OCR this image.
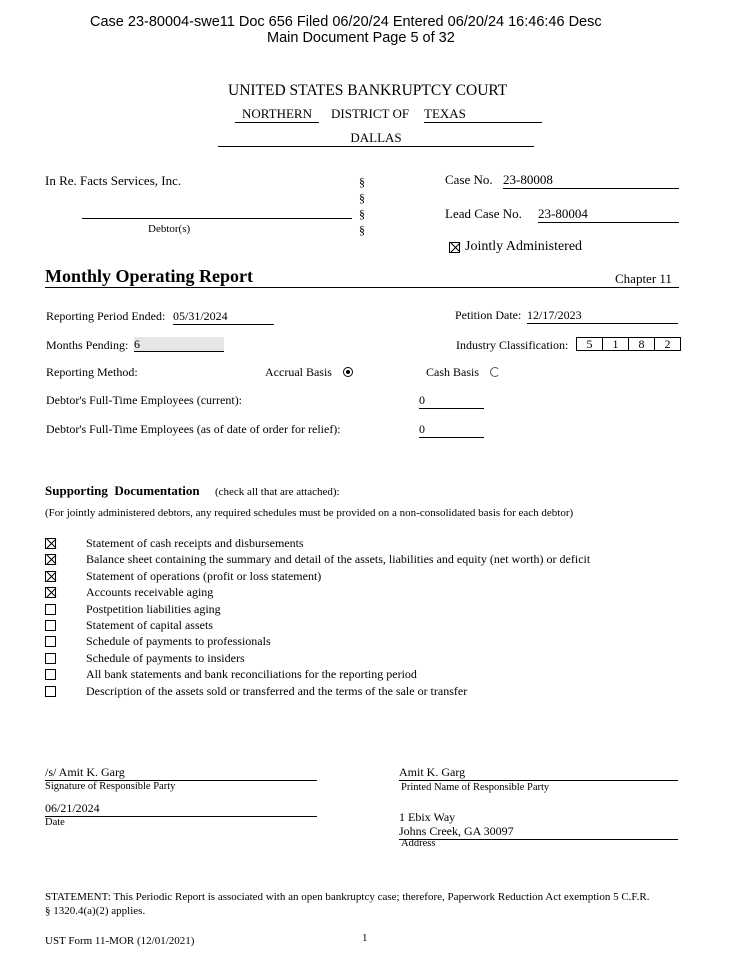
Case 23-80004-swe11 Doc 656 Filed 06/20/24 Entered 06/20/24 16:46:46 Desc
Main Document Page 5 of 32
UNITED STATES BANKRUPTCY COURT
NORTHERN	DISTRICT OF TEXAS
DALLAS
In Re. Facts Services, Inc.	§
§
§
§
Debtor(s)
Case No. 23-80008
Lead Case No. 23-80004
Jointly Administered
Monthly Operating Report	Chapter 11
Reporting Period Ended: 05/31/2024	Petition Date: 12/17/2023
Months Pending: 6	Industry Classification:	5	1	8	2
Reporting Method:	Accrual Basis	Cash Basis
Debtor's Full-Time Employees (current):	0
Debtor's Full-Time Employees (as of date of order for relief):	0
Supporting  Documentation (check all that are attached):
(For jointly administered debtors, any required schedules must be provided on a non-consolidated basis for each debtor)
Statement of cash receipts and disbursements
Balance sheet containing the summary and detail of the assets, liabilities and equity (net worth) or deficit
Statement of operations (profit or loss statement)
Accounts receivable aging
Postpetition liabilities aging
Statement of capital assets
Schedule of payments to professionals
Schedule of payments to insiders
All bank statements and bank reconciliations for the reporting period
Description of the assets sold or transferred and the terms of the sale or transfer
/s/ Amit K. Garg
Signature of Responsible Party
Amit K. Garg
Printed Name of Responsible Party
06/21/2024
Date	1 Ebix Way
Johns Creek, GA 30097
Address
STATEMENT: This Periodic Report is associated with an open bankruptcy case; therefore, Paperwork Reduction Act exemption 5 C.F.R.
§ 1320.4(a)(2) applies.
UST Form 11-MOR (12/01/2021)	1
